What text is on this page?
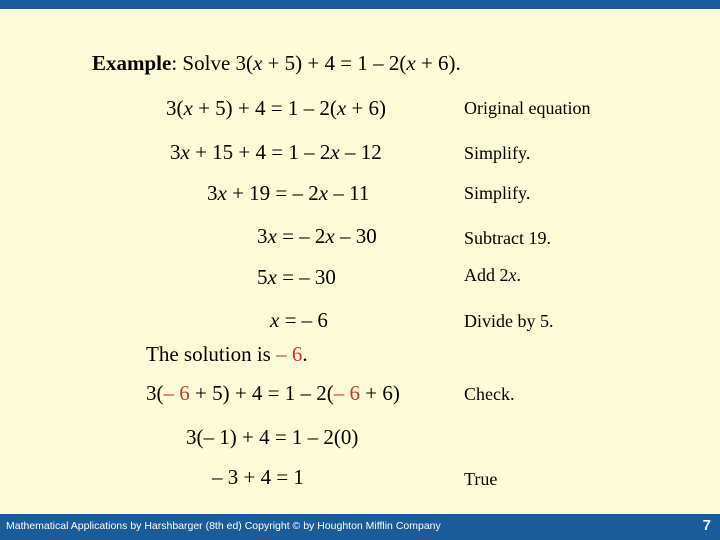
Example: Solve 3(x + 5) + 4 = 1 – 2(x + 6).
3(x + 5) + 4 = 1 – 2(x + 6)	Original equation
3x + 15 + 4 = 1 – 2x – 12	Simplify.
3x + 19 = – 2x – 11	Simplify.
3x = – 2x – 30	Subtract 19.
5x = – 30	Add 2x.
x = – 6	Divide by 5.
The solution is – 6.
3(– 6 + 5) + 4 = 1 – 2(– 6 + 6)	Check.
3(– 1) + 4 = 1 – 2(0)
– 3 + 4 = 1	True
Mathematical Applications by Harshbarger (8th ed) Copyright © by Houghton Mifflin Company	7
